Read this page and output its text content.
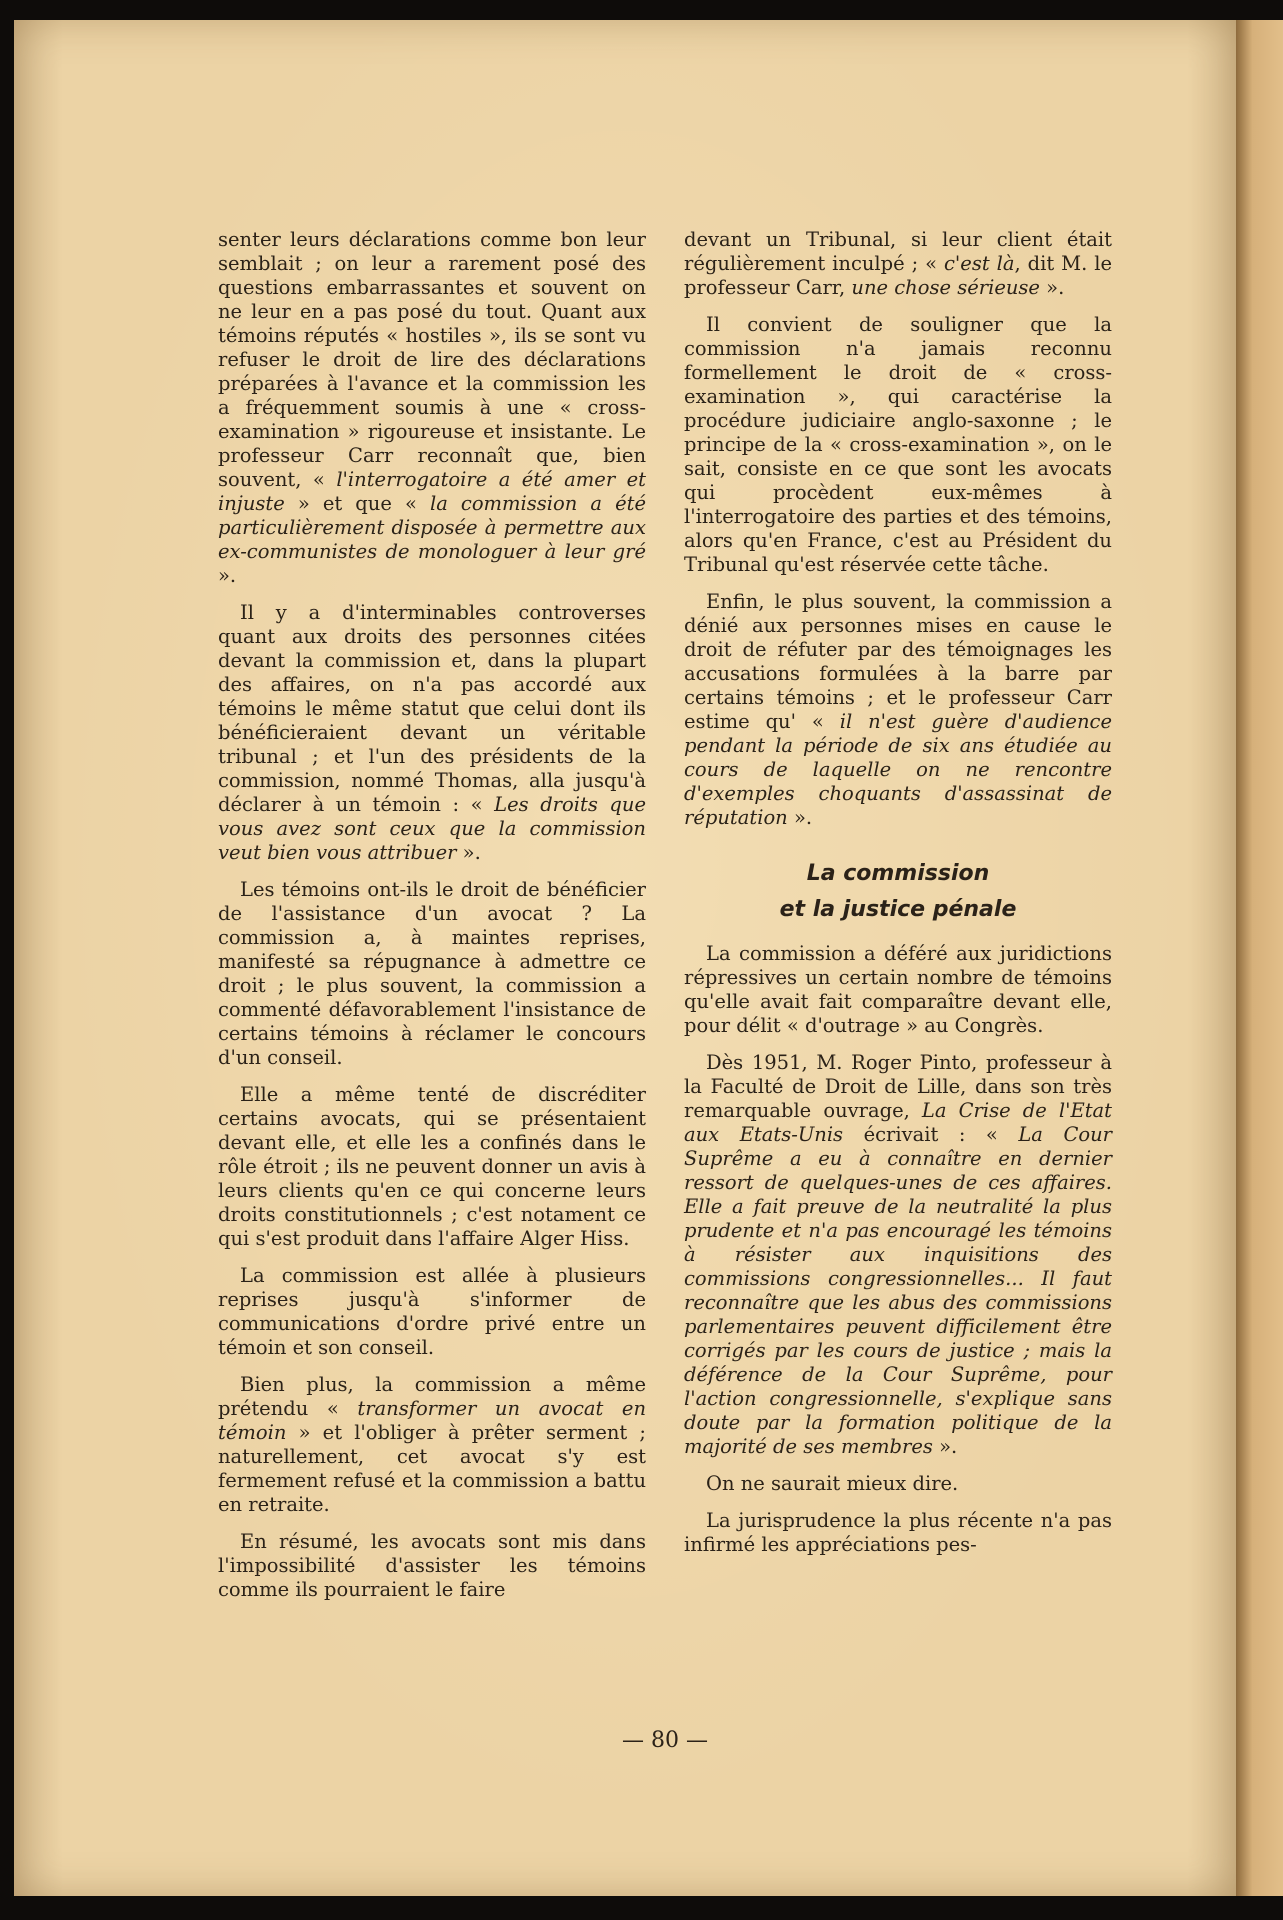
senter leurs déclarations comme bon leur semblait ; on leur a rarement posé des questions embarrassantes et souvent on ne leur en a pas posé du tout. Quant aux témoins réputés « hostiles », ils se sont vu refuser le droit de lire des déclarations préparées à l'avance et la commission les a fréquemment soumis à une « cross-examination » rigoureuse et insistante. Le professeur Carr reconnaît que, bien souvent, « l'interrogatoire a été amer et injuste » et que « la commission a été particulièrement disposée à permettre aux ex-communistes de monologuer à leur gré ».

Il y a d'interminables controverses quant aux droits des personnes citées devant la commission et, dans la plupart des affaires, on n'a pas accordé aux témoins le même statut que celui dont ils bénéficieraient devant un véritable tribunal ; et l'un des présidents de la commission, nommé Thomas, alla jusqu'à déclarer à un témoin : « Les droits que vous avez sont ceux que la commission veut bien vous attribuer ».

Les témoins ont-ils le droit de bénéficier de l'assistance d'un avocat ? La commission a, à maintes reprises, manifesté sa répugnance à admettre ce droit ; le plus souvent, la commission a commenté défavorablement l'insistance de certains témoins à réclamer le concours d'un conseil.

Elle a même tenté de discréditer certains avocats, qui se présentaient devant elle, et elle les a confinés dans le rôle étroit ; ils ne peuvent donner un avis à leurs clients qu'en ce qui concerne leurs droits constitutionnels ; c'est notament ce qui s'est produit dans l'affaire Alger Hiss.

La commission est allée à plusieurs reprises jusqu'à s'informer de communications d'ordre privé entre un témoin et son conseil.

Bien plus, la commission a même prétendu « transformer un avocat en témoin » et l'obliger à prêter serment ; naturellement, cet avocat s'y est fermement refusé et la commission a battu en retraite.

En résumé, les avocats sont mis dans l'impossibilité d'assister les témoins comme ils pourraient le faire

devant un Tribunal, si leur client était régulièrement inculpé ; « c'est là, dit M. le professeur Carr, une chose sérieuse ».

Il convient de souligner que la commission n'a jamais reconnu formellement le droit de « cross-examination », qui caractérise la procédure judiciaire anglo-saxonne ; le principe de la « cross-examination », on le sait, consiste en ce que sont les avocats qui procèdent eux-mêmes à l'interrogatoire des parties et des témoins, alors qu'en France, c'est au Président du Tribunal qu'est réservée cette tâche.

Enfin, le plus souvent, la commission a dénié aux personnes mises en cause le droit de réfuter par des témoignages les accusations formulées à la barre par certains témoins ; et le professeur Carr estime qu' « il n'est guère d'audience pendant la période de six ans étudiée au cours de laquelle on ne rencontre d'exemples choquants d'assassinat de réputation ».

La commission
et la justice pénale

La commission a déféré aux juridictions répressives un certain nombre de témoins qu'elle avait fait comparaître devant elle, pour délit « d'outrage » au Congrès.

Dès 1951, M. Roger Pinto, professeur à la Faculté de Droit de Lille, dans son très remarquable ouvrage, La Crise de l'Etat aux Etats-Unis écrivait : « La Cour Suprême a eu à connaître en dernier ressort de quelques-unes de ces affaires. Elle a fait preuve de la neutralité la plus prudente et n'a pas encouragé les témoins à résister aux inquisitions des commissions congressionnelles... Il faut reconnaître que les abus des commissions parlementaires peuvent difficilement être corrigés par les cours de justice ; mais la déférence de la Cour Suprême, pour l'action congressionnelle, s'explique sans doute par la formation politique de la majorité de ses membres ».

On ne saurait mieux dire.

La jurisprudence la plus récente n'a pas infirmé les appréciations pes-

— 80 —
